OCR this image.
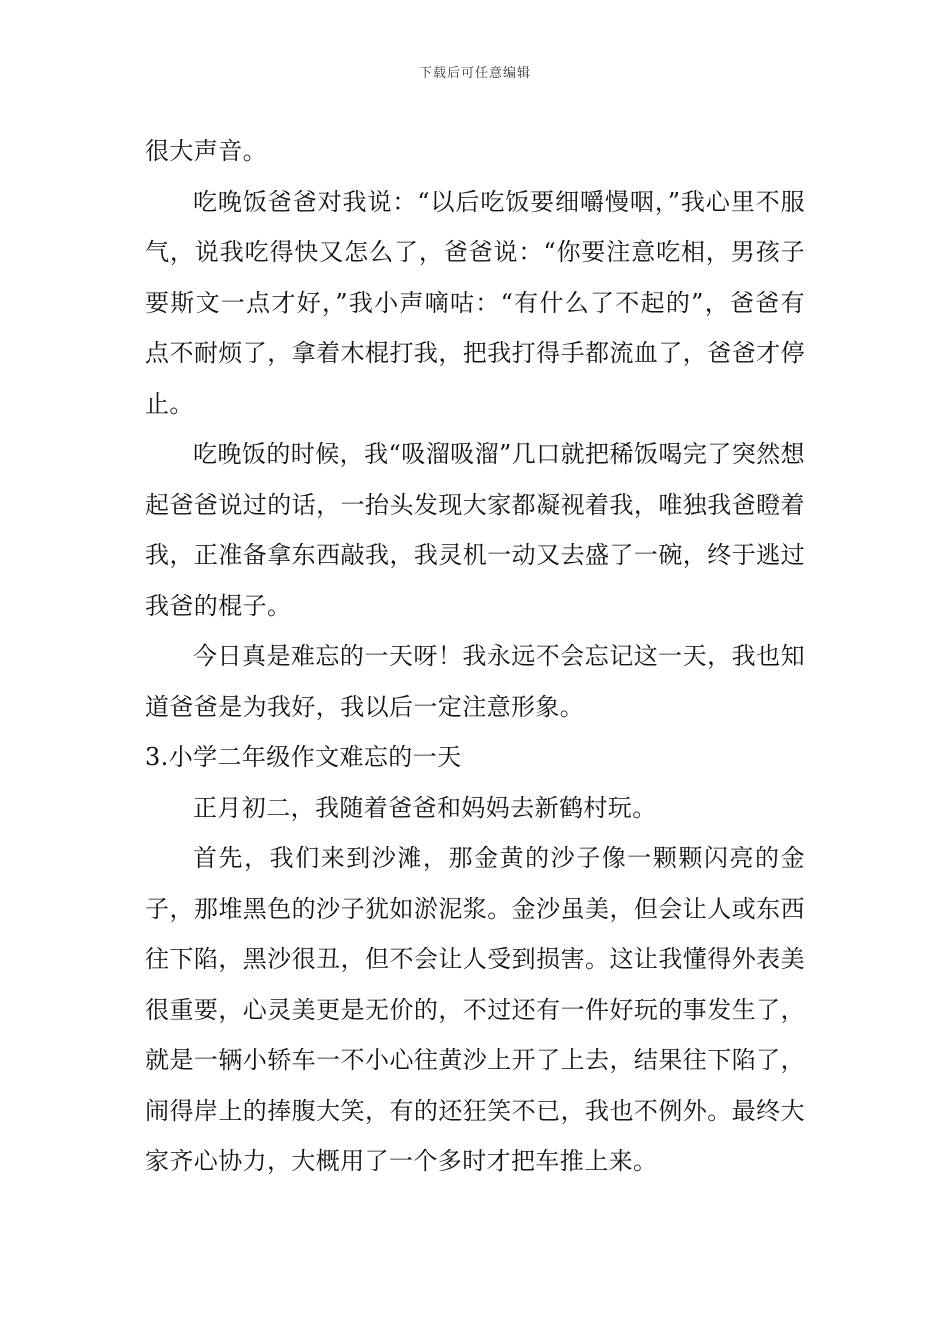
下载后可任意编辑

很大声音。

吃晚饭爸爸对我说：“以后吃饭要细嚼慢咽，”我心里不服气，说我吃得快又怎么了，爸爸说：“你要注意吃相，男孩子要斯文一点才好，”我小声嘀咕：“有什么了不起的”，爸爸有点不耐烦了，拿着木棍打我，把我打得手都流血了，爸爸才停止。

吃晚饭的时候，我“吸溜吸溜”几口就把稀饭喝完了突然想起爸爸说过的话，一抬头发现大家都凝视着我，唯独我爸瞪着我，正准备拿东西敲我，我灵机一动又去盛了一碗，终于逃过我爸的棍子。

今日真是难忘的一天呀！我永远不会忘记这一天，我也知道爸爸是为我好，我以后一定注意形象。

3.小学二年级作文难忘的一天

正月初二，我随着爸爸和妈妈去新鹤村玩。

首先，我们来到沙滩，那金黄的沙子像一颗颗闪亮的金子，那堆黑色的沙子犹如淤泥浆。金沙虽美，但会让人或东西往下陷，黑沙很丑，但不会让人受到损害。这让我懂得外表美很重要，心灵美更是无价的，不过还有一件好玩的事发生了，就是一辆小轿车一不小心往黄沙上开了上去，结果往下陷了，闹得岸上的捧腹大笑，有的还狂笑不已，我也不例外。最终大家齐心协力，大概用了一个多时才把车推上来。
